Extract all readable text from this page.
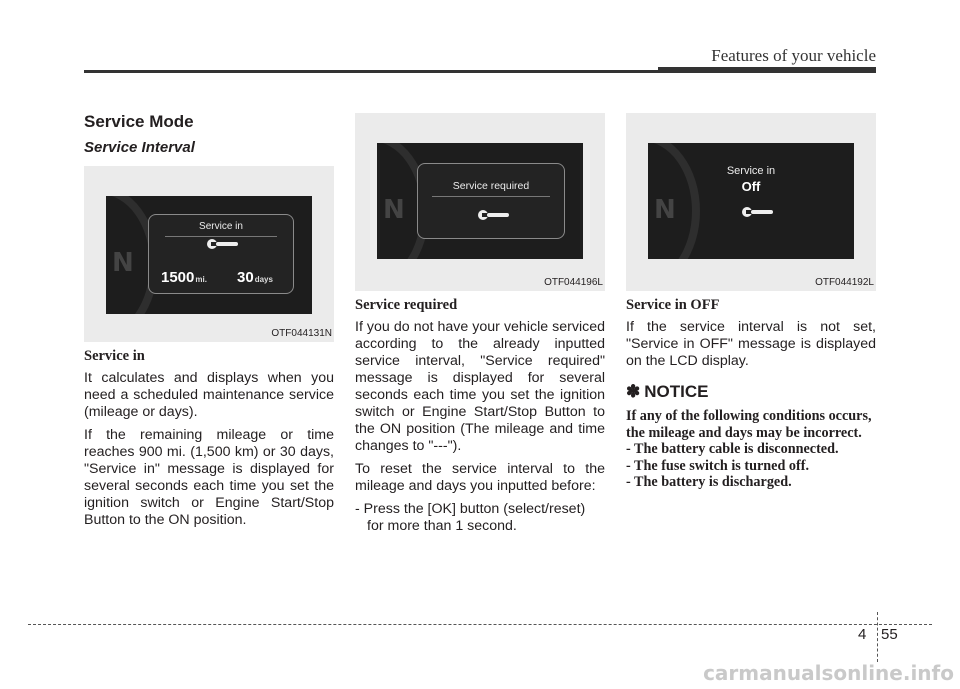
Features of your vehicle
Service Mode
Service Interval
N
Service in
1500mi. 30days
OTF044131N
Service in

It calculates and displays when you need a scheduled maintenance service (mileage or days).

If the remaining mileage or time reaches 900 mi. (1,500 km) or 30 days, "Service in" message is displayed for several seconds each time you set the ignition switch or Engine Start/Stop Button to the ON position.

N
Service required
OTF044196L
Service required

If you do not have your vehicle serviced according to the already inputted service interval, "Service required" message is displayed for several seconds each time you set the ignition switch or Engine Start/Stop Button to the ON position (The mileage and time changes to "---").

To reset the service interval to the mileage and days you inputted before:

- Press the [OK] button (select/reset) for more than 1 second.

N
Service in
Off
OTF044192L
Service in OFF

If the service interval is not set, "Service in OFF" message is displayed on the LCD display.

✽ NOTICE

If any of the following conditions occurs, the mileage and days may be incorrect.

- The battery cable is disconnected.

- The fuse switch is turned off.

- The battery is discharged.

4 55
carmanualsonline.info
